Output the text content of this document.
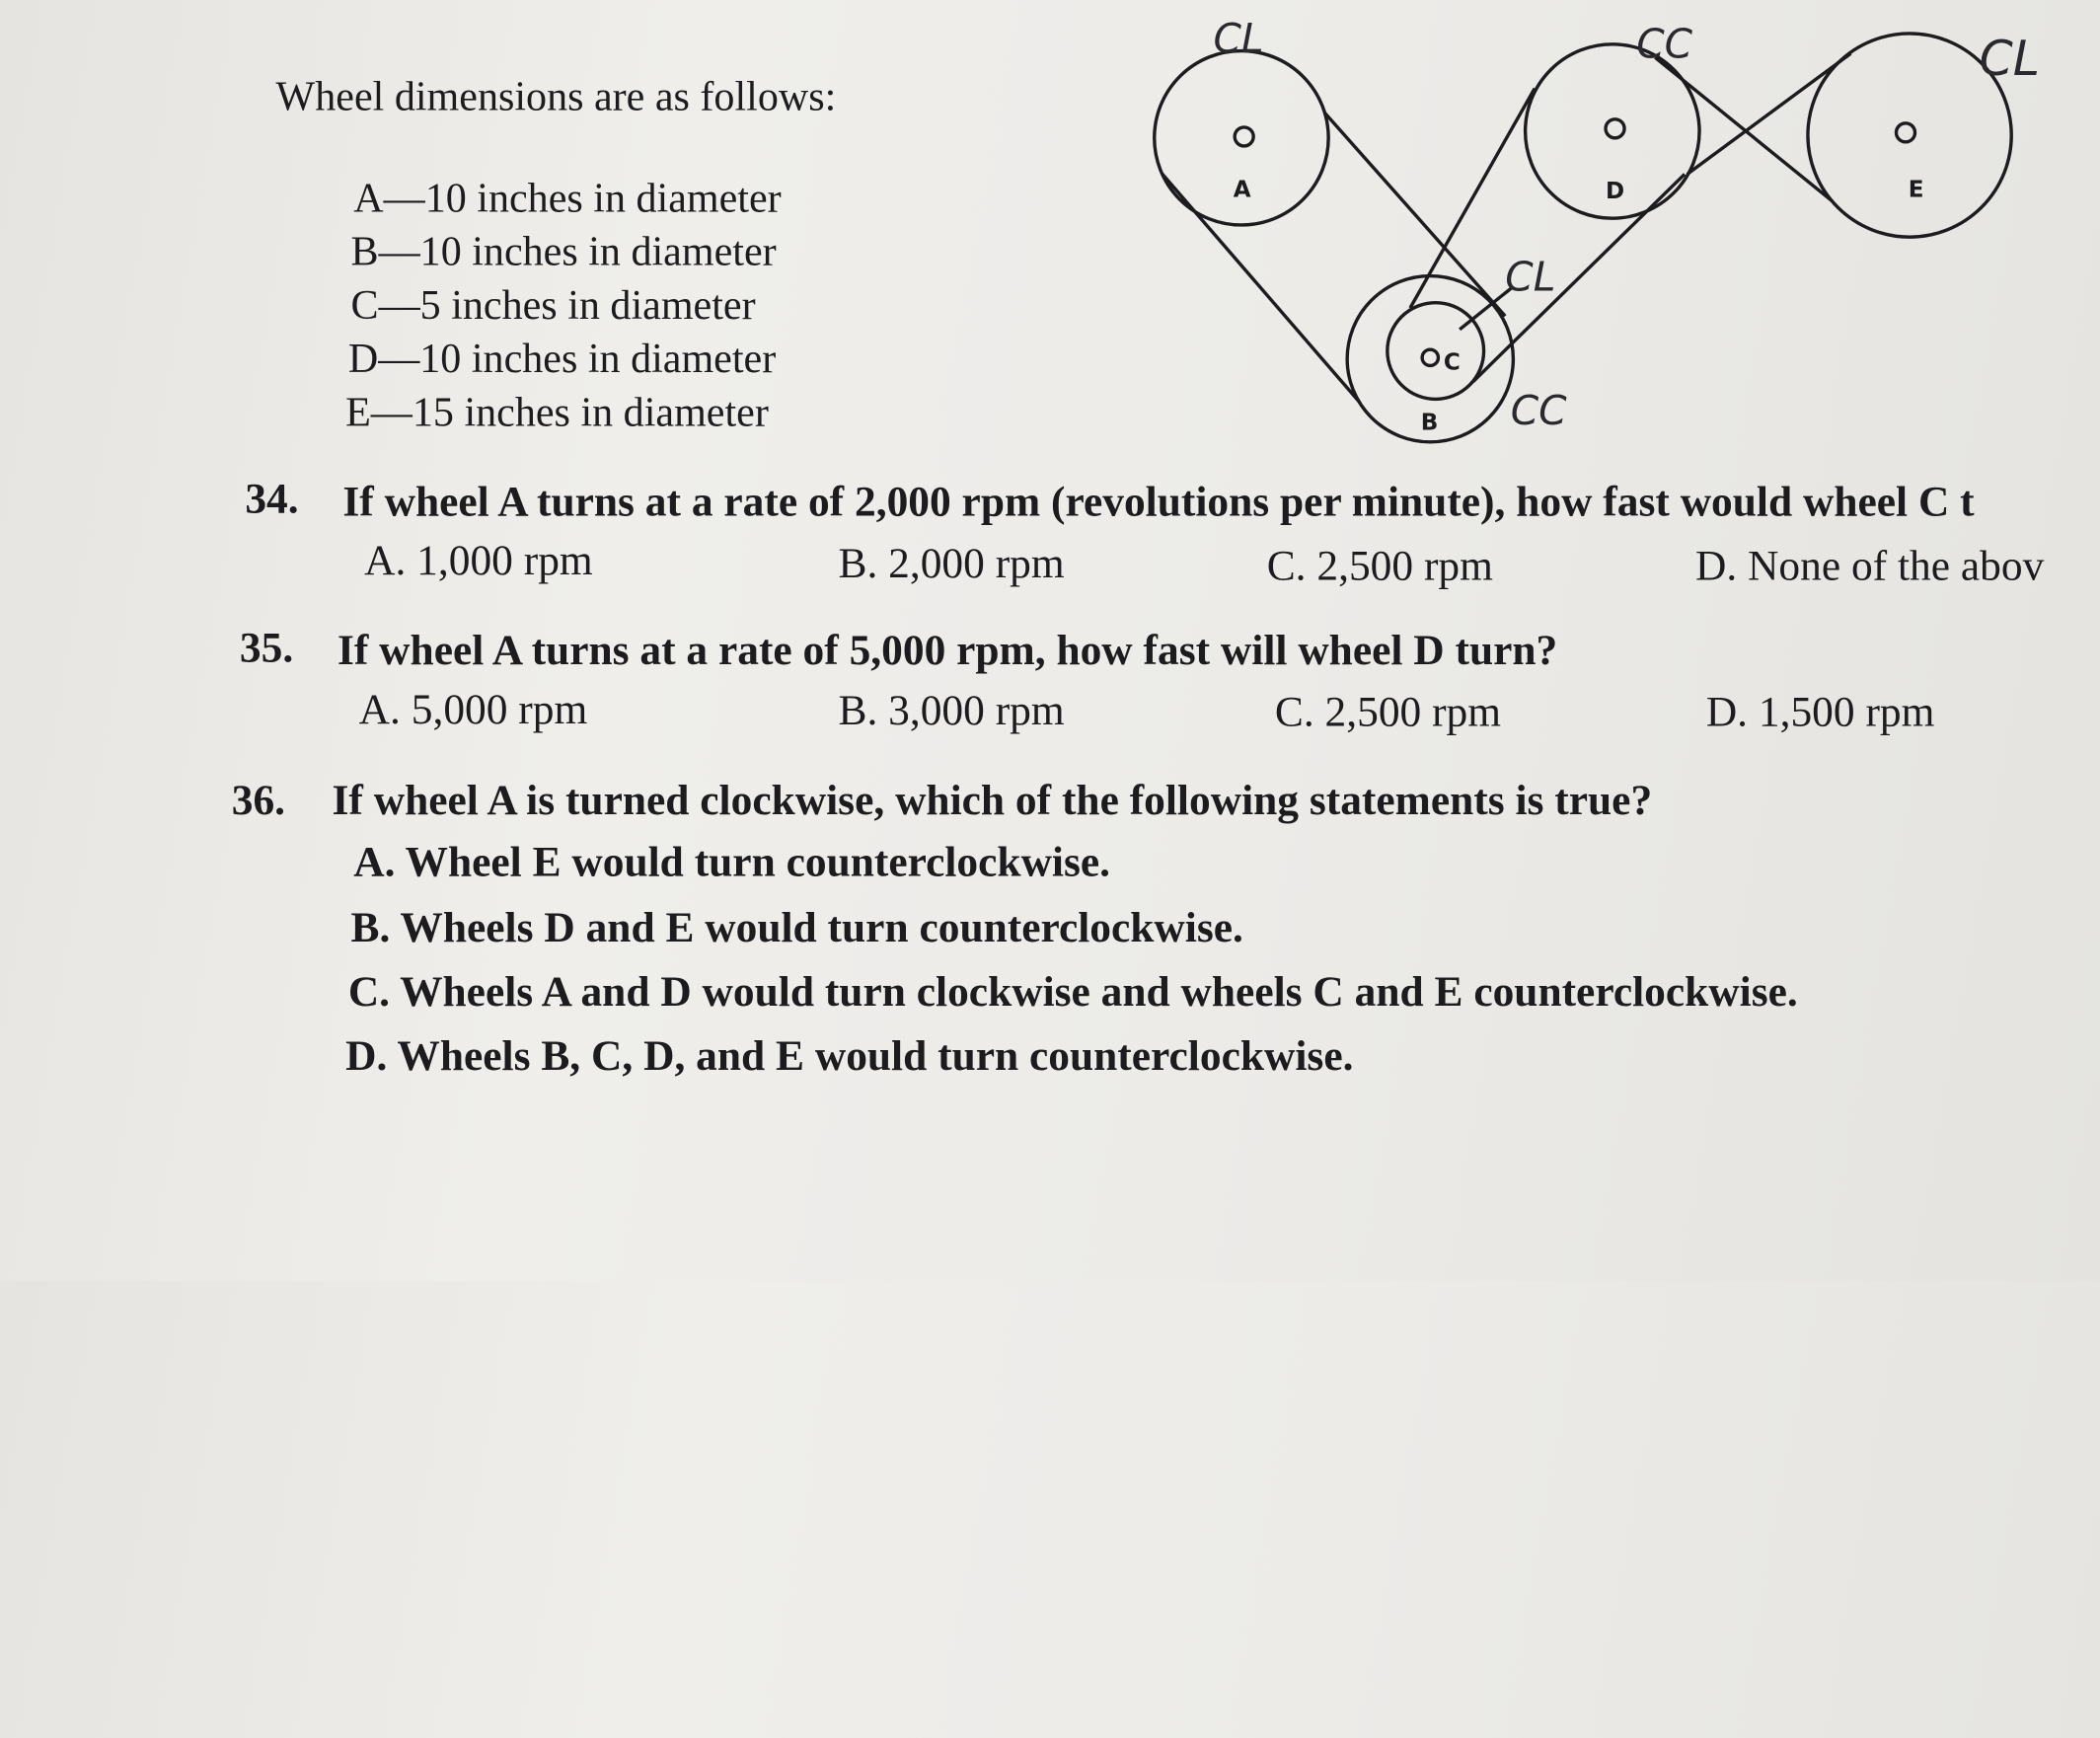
Wheel dimensions are as follows:
A—10 inches in diameter
B—10 inches in diameter
C—5 inches in diameter
D—10 inches in diameter
E—15 inches in diameter
A	D	E
C
B
CL	CC	CL
CL
CC
34. If wheel A turns at a rate of 2,000 rpm (revolutions per minute), how fast would wheel C t
A. 1,000 rpm	B. 2,000 rpm	C. 2,500 rpm	D. None of the abov
35. If wheel A turns at a rate of 5,000 rpm, how fast will wheel D turn?
A. 5,000 rpm	B. 3,000 rpm	C. 2,500 rpm	D. 1,500 rpm
36. If wheel A is turned clockwise, which of the following statements is true?
A. Wheel E would turn counterclockwise.
B. Wheels D and E would turn counterclockwise.
C. Wheels A and D would turn clockwise and wheels C and E counterclockwise.
D. Wheels B, C, D, and E would turn counterclockwise.
